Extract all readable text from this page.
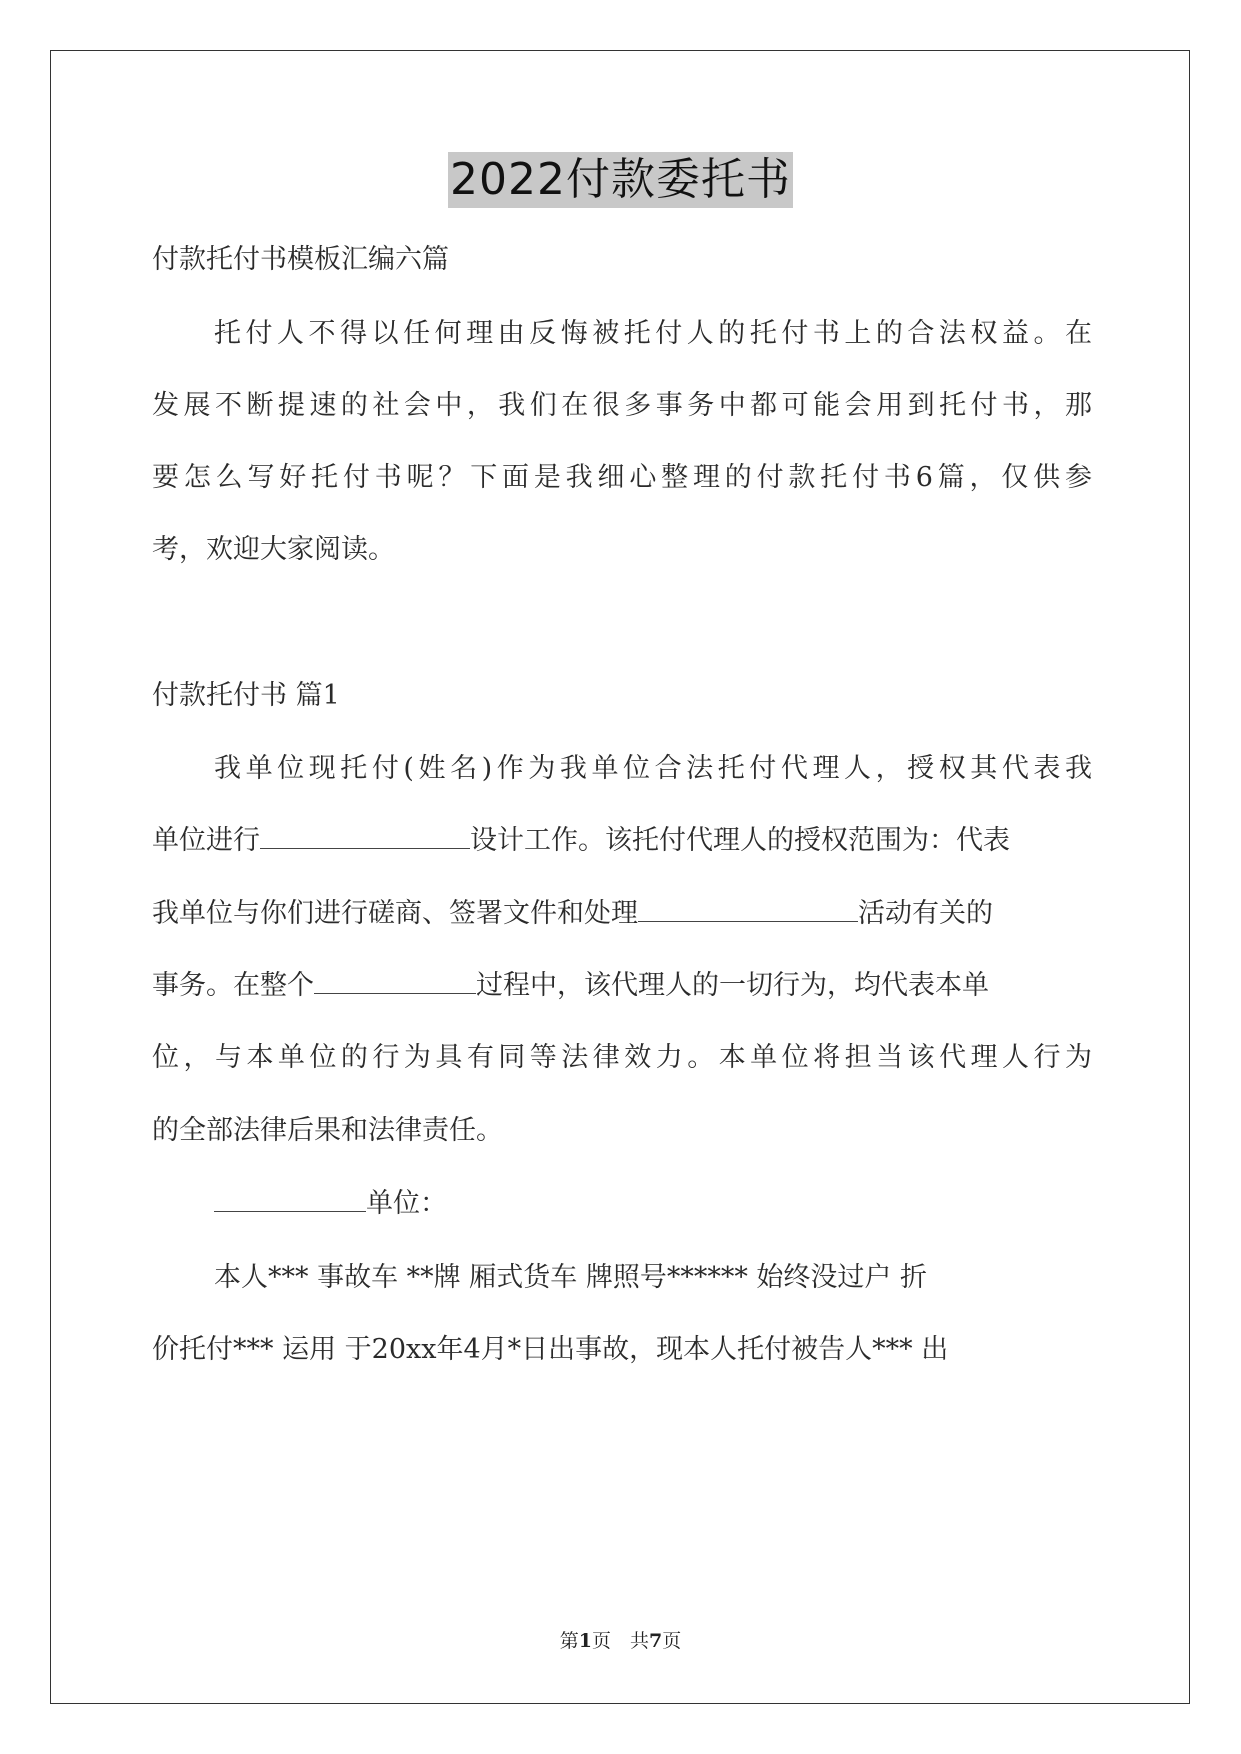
2022付款委托书
付款托付书模板汇编六篇
托付人不得以任何理由反悔被托付人的托付书上的合法权益。在
发展不断提速的社会中，我们在很多事务中都可能会用到托付书，那
要怎么写好托付书呢？下面是我细心整理的付款托付书6篇，仅供参
考，欢迎大家阅读。
付款托付书 篇1
我单位现托付(姓名)作为我单位合法托付代理人，授权其代表我
单位进行	设计工作。该托付代理人的授权范围为：代表
我单位与你们进行磋商、签署文件和处理	活动有关的
事务。在整个	过程中，该代理人的一切行为，均代表本单
位，与本单位的行为具有同等法律效力。本单位将担当该代理人行为
的全部法律后果和法律责任。
单位：
本人*** 事故车 **牌 厢式货车 牌照号****** 始终没过户 折
价托付*** 运用 于20xx年4月*日出事故，现本人托付被告人*** 出
第1页　共7页
